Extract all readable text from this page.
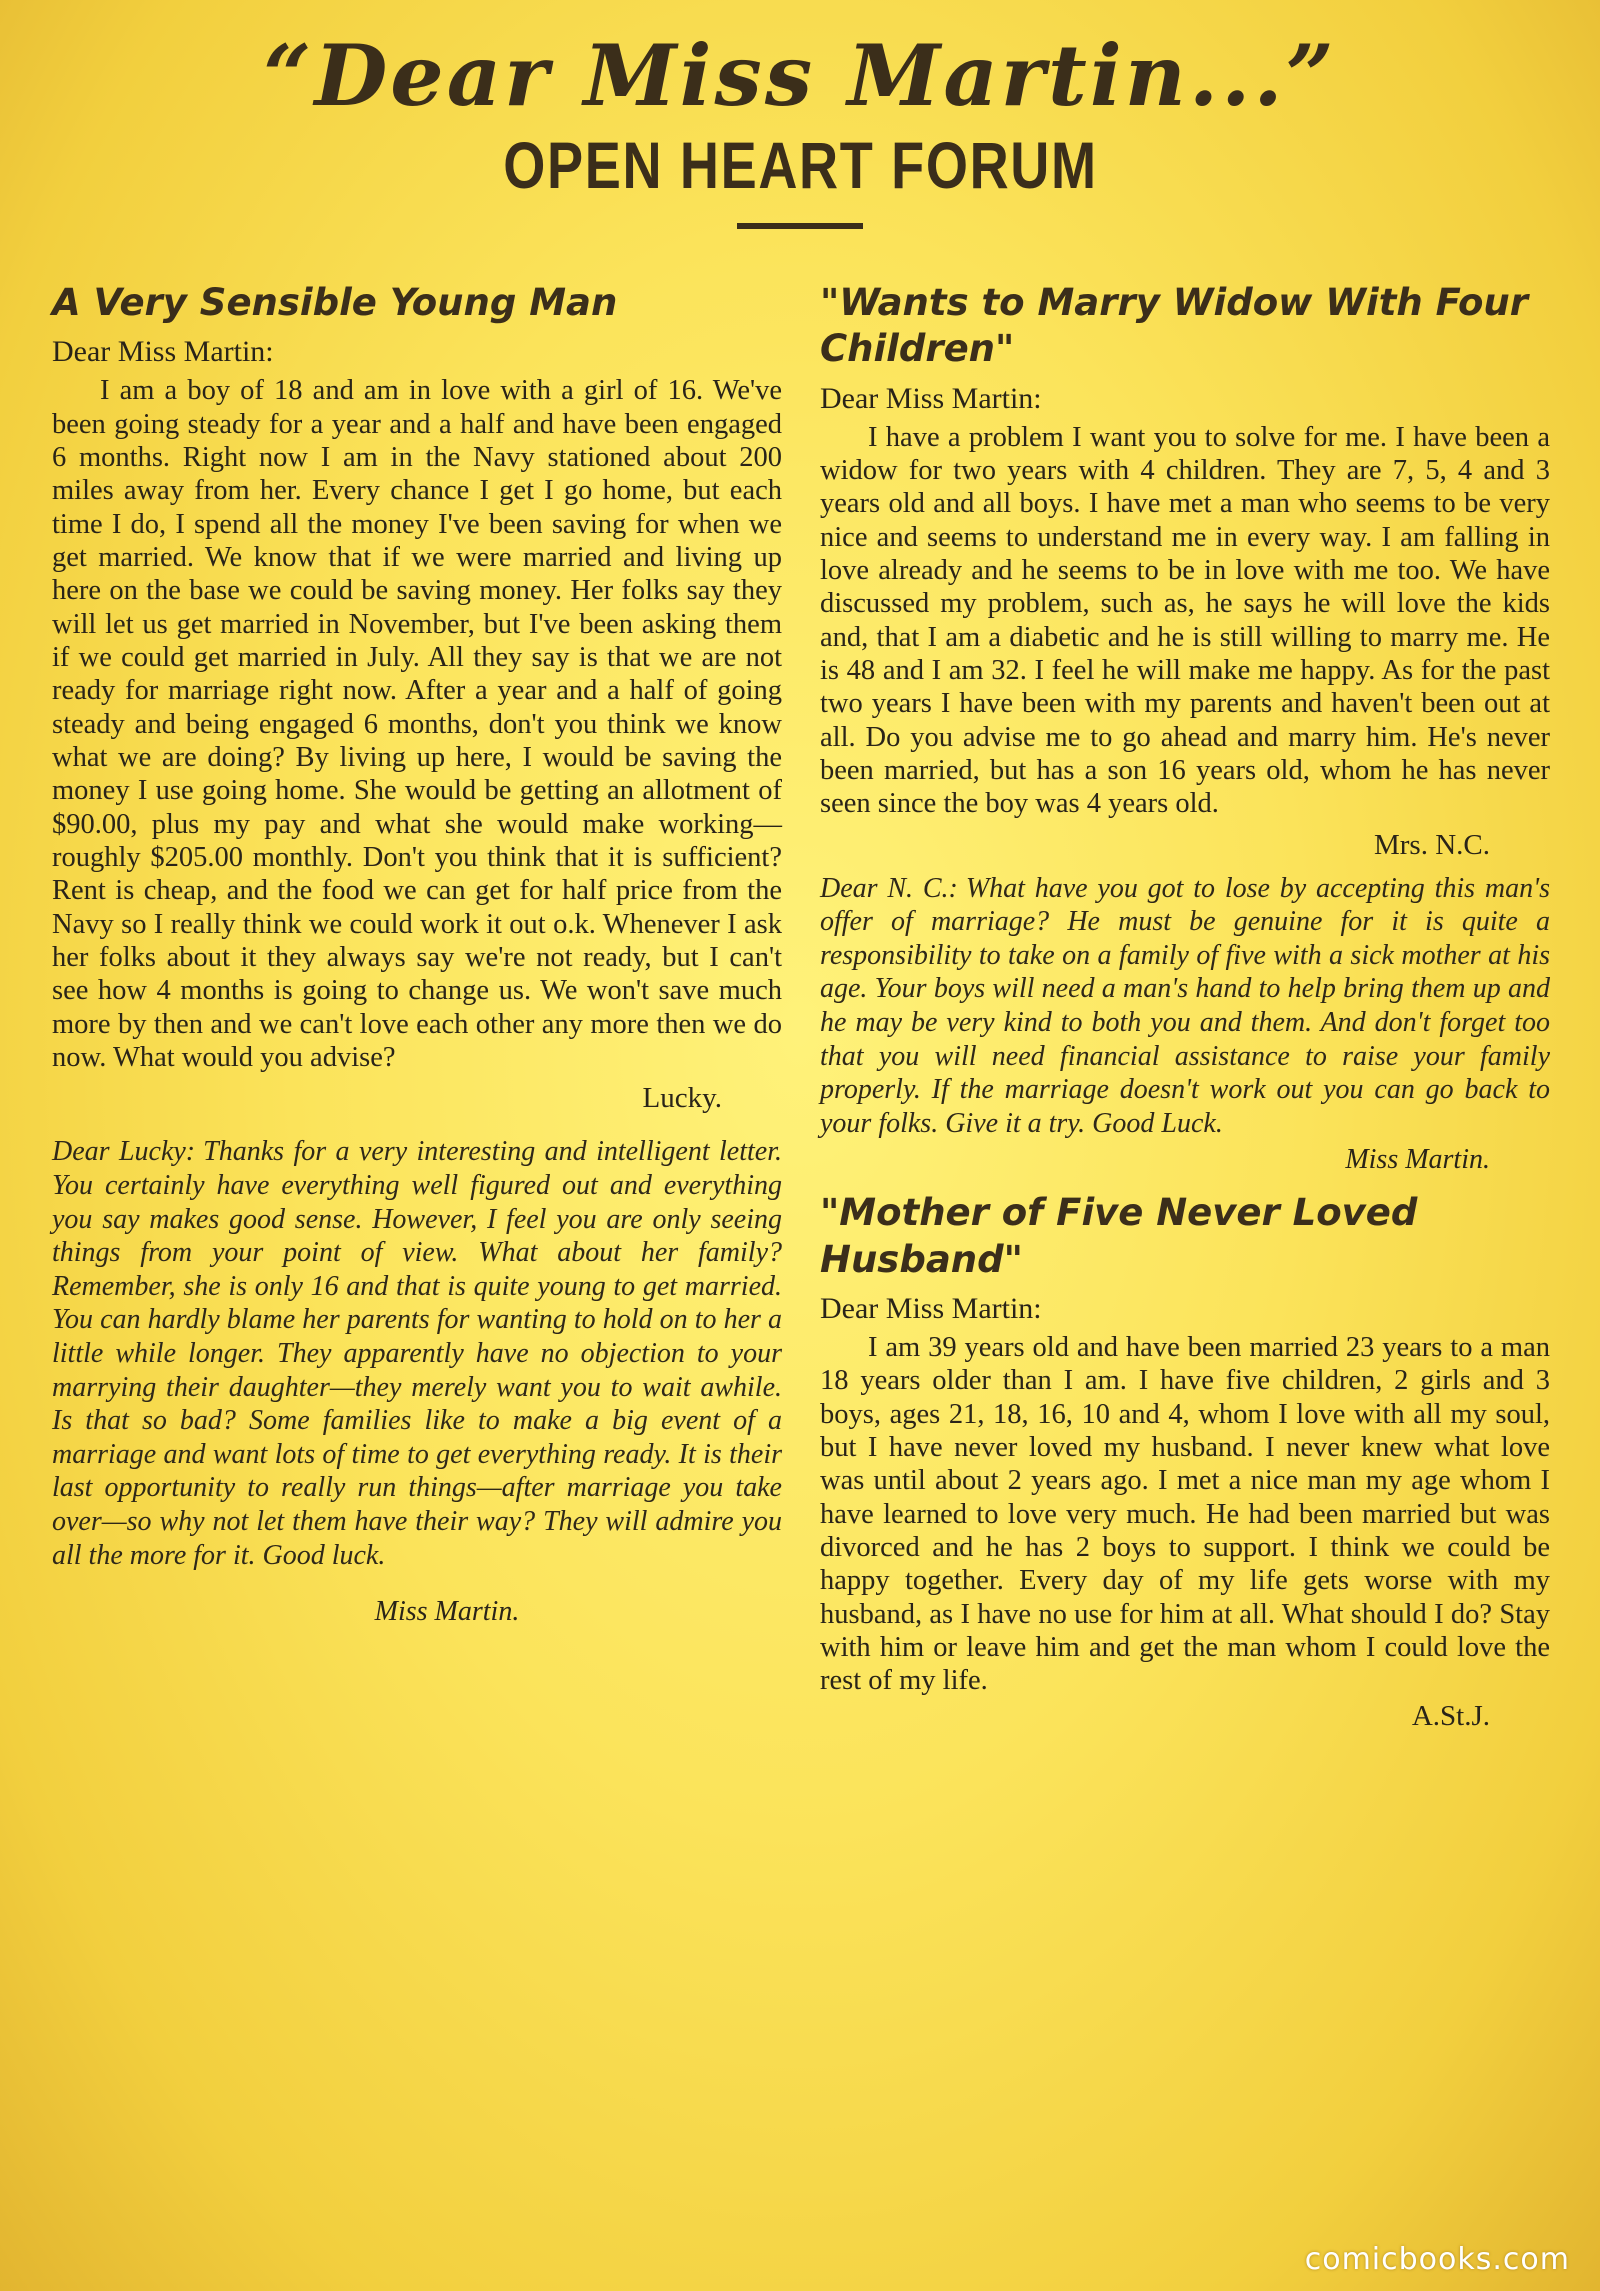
“Dear Miss Martin...”
OPEN HEART FORUM
A Very Sensible Young Man

Dear Miss Martin:

I am a boy of 18 and am in love with a girl of 16. We've been going steady for a year and a half and have been engaged 6 months. Right now I am in the Navy stationed about 200 miles away from her. Every chance I get I go home, but each time I do, I spend all the money I've been saving for when we get married. We know that if we were married and living up here on the base we could be saving money. Her folks say they will let us get married in November, but I've been asking them if we could get married in July. All they say is that we are not ready for marriage right now. After a year and a half of going steady and being engaged 6 months, don't you think we know what we are doing? By living up here, I would be saving the money I use going home. She would be getting an allotment of $90.00, plus my pay and what she would make working—roughly $205.00 monthly. Don't you think that it is sufficient? Rent is cheap, and the food we can get for half price from the Navy so I really think we could work it out o.k. Whenever I ask her folks about it they always say we're not ready, but I can't see how 4 months is going to change us. We won't save much more by then and we can't love each other any more then we do now. What would you advise?

Lucky.

Dear Lucky: Thanks for a very interesting and intelligent letter. You certainly have everything well figured out and everything you say makes good sense. However, I feel you are only seeing things from your point of view. What about her family? Remember, she is only 16 and that is quite young to get married. You can hardly blame her parents for wanting to hold on to her a little while longer. They apparently have no objection to your marrying their daughter—they merely want you to wait awhile. Is that so bad? Some families like to make a big event of a marriage and want lots of time to get everything ready. It is their last opportunity to really run things—after marriage you take over—so why not let them have their way? They will admire you all the more for it. Good luck.

Miss Martin.

"Wants to Marry Widow With Four Children"

Dear Miss Martin:

I have a problem I want you to solve for me. I have been a widow for two years with 4 children. They are 7, 5, 4 and 3 years old and all boys. I have met a man who seems to be very nice and seems to understand me in every way. I am falling in love already and he seems to be in love with me too. We have discussed my problem, such as, he says he will love the kids and, that I am a diabetic and he is still willing to marry me. He is 48 and I am 32. I feel he will make me happy. As for the past two years I have been with my parents and haven't been out at all. Do you advise me to go ahead and marry him. He's never been married, but has a son 16 years old, whom he has never seen since the boy was 4 years old.

Mrs. N.C.

Dear N. C.: What have you got to lose by accepting this man's offer of marriage? He must be genuine for it is quite a responsibility to take on a family of five with a sick mother at his age. Your boys will need a man's hand to help bring them up and he may be very kind to both you and them. And don't forget too that you will need financial assistance to raise your family properly. If the marriage doesn't work out you can go back to your folks. Give it a try. Good Luck.

Miss Martin.

"Mother of Five Never Loved Husband"

Dear Miss Martin:

I am 39 years old and have been married 23 years to a man 18 years older than I am. I have five children, 2 girls and 3 boys, ages 21, 18, 16, 10 and 4, whom I love with all my soul, but I have never loved my husband. I never knew what love was until about 2 years ago. I met a nice man my age whom I have learned to love very much. He had been married but was divorced and he has 2 boys to support. I think we could be happy together. Every day of my life gets worse with my husband, as I have no use for him at all. What should I do? Stay with him or leave him and get the man whom I could love the rest of my life.

A.St.J.

comicbooks.com
